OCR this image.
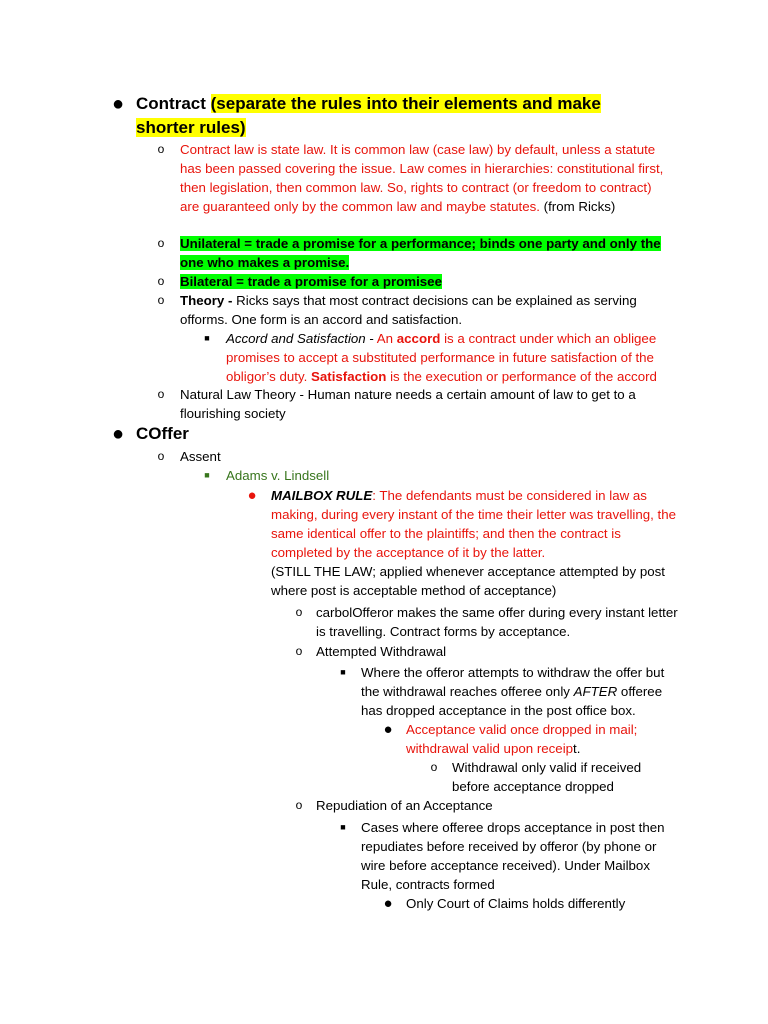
● Contract (separate the rules into their elements and make shorter rules)
o	Contract law is state law. It is common law (case law) by default, unless a statute has been passed covering the issue. Law comes in hierarchies: constitutional first, then legislation, then common law. So, rights to contract (or freedom to contract) are guaranteed only by the common law and maybe statutes. (from Ricks)
o	Unilateral = trade a promise for a performance; binds one party and only the one who makes a promise.
o	Bilateral = trade a promise for a promisee
o	Theory - Ricks says that most contract decisions can be explained as serving offorms. One form is an accord and satisfaction.
■	Accord and Satisfaction - An accord is a contract under which an obligee promises to accept a substituted performance in future satisfaction of the obligor’s duty. Satisfaction is the execution or performance of the accord
o	Natural Law Theory - Human nature needs a certain amount of law to get to a flourishing society
● COffer
o	Assent
■	Adams v. Lindsell
● MAILBOX RULE: The defendants must be considered in law as making, during every instant of the time their letter was travelling, the same identical offer to the plaintiffs; and then the contract is completed by the acceptance of it by the latter.
(STILL THE LAW; applied whenever acceptance attempted by post where post is acceptable method of acceptance)
o	carbolOfferor makes the same offer during every instant letter is travelling. Contract forms by acceptance.
o	Attempted Withdrawal
■	Where the offeror attempts to withdraw the offer but the withdrawal reaches offeree only AFTER offeree has dropped acceptance in the post office box.
● Acceptance valid once dropped in mail; withdrawal valid upon receipt.
o	Withdrawal only valid if received before acceptance dropped
o	Repudiation of an Acceptance
■	Cases where offeree drops acceptance in post then repudiates before received by offeror (by phone or wire before acceptance received). Under Mailbox Rule, contracts formed
● Only Court of Claims holds differently
